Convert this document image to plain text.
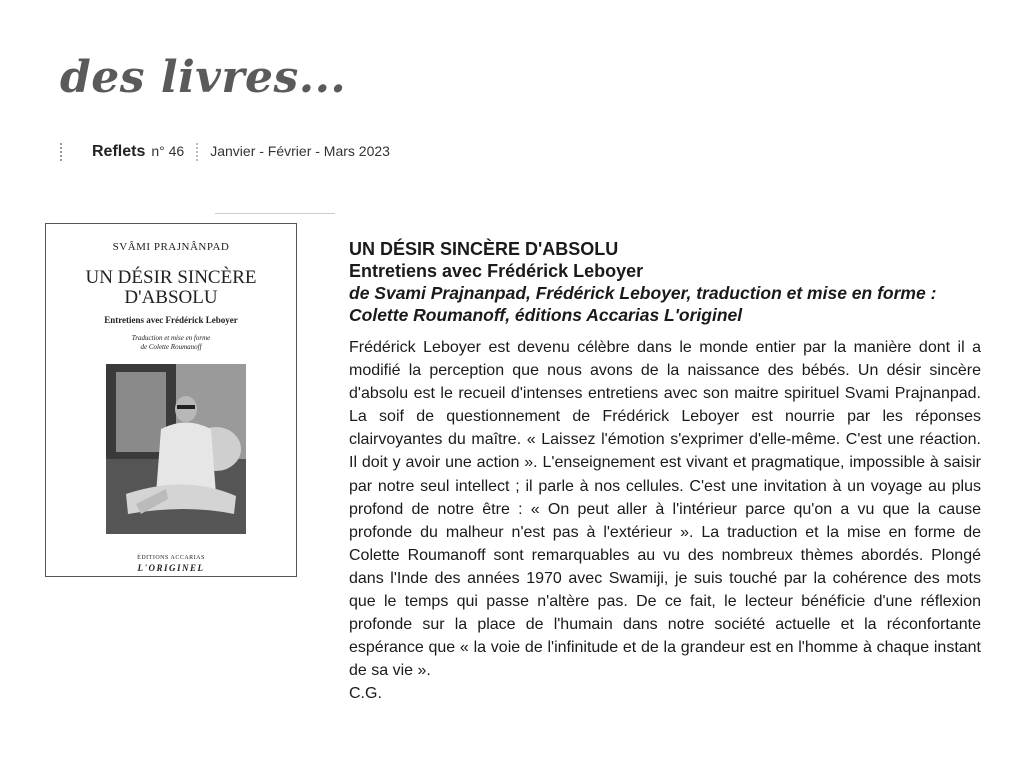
des livres...
Reflets n° 46 Janvier - Février - Mars 2023
SVÂMI PRAJNÂNPAD
UN DÉSIR SINCÈRE
D'ABSOLU
Entretiens avec Frédérick Leboyer
Traduction et mise en forme
de Colette Roumanoff
ÉDITIONS ACCARIAS
L'ORIGINEL
UN DÉSIR SINCÈRE D'ABSOLU
Entretiens avec Frédérick Leboyer
de Svami Prajnanpad, Frédérick Leboyer, traduction et mise en forme :
Colette Roumanoff, éditions Accarias L'originel
Frédérick Leboyer est devenu célèbre dans le monde entier par la manière dont il a modifié la perception que nous avons de la naissance des bébés. Un désir sincère d'absolu est le recueil d'intenses entretiens avec son maitre spirituel Svami Prajnanpad. La soif de questionnement de Frédérick Leboyer est nourrie par les réponses clairvoyantes du maître. « Laissez l'émotion s'exprimer d'elle-même. C'est une réaction. Il doit y avoir une action ». L'enseignement est vivant et pragmatique, impossible à saisir par notre seul intellect ; il parle à nos cellules. C'est une invitation à un voyage au plus profond de notre être : « On peut aller à l'intérieur parce qu'on a vu que la cause profonde du malheur n'est pas à l'extérieur ». La traduction et la mise en forme de Colette Roumanoff sont remarquables au vu des nombreux thèmes abordés. Plongé dans l'Inde des années 1970 avec Swamiji, je suis touché par la cohérence des mots que le temps qui passe n'altère pas. De ce fait, le lecteur bénéficie d'une réflexion profonde sur la place de l'humain dans notre société actuelle et la réconfortante espérance que « la voie de l'infinitude et de la grandeur est en l'homme à chaque instant de sa vie ».
C.G.
